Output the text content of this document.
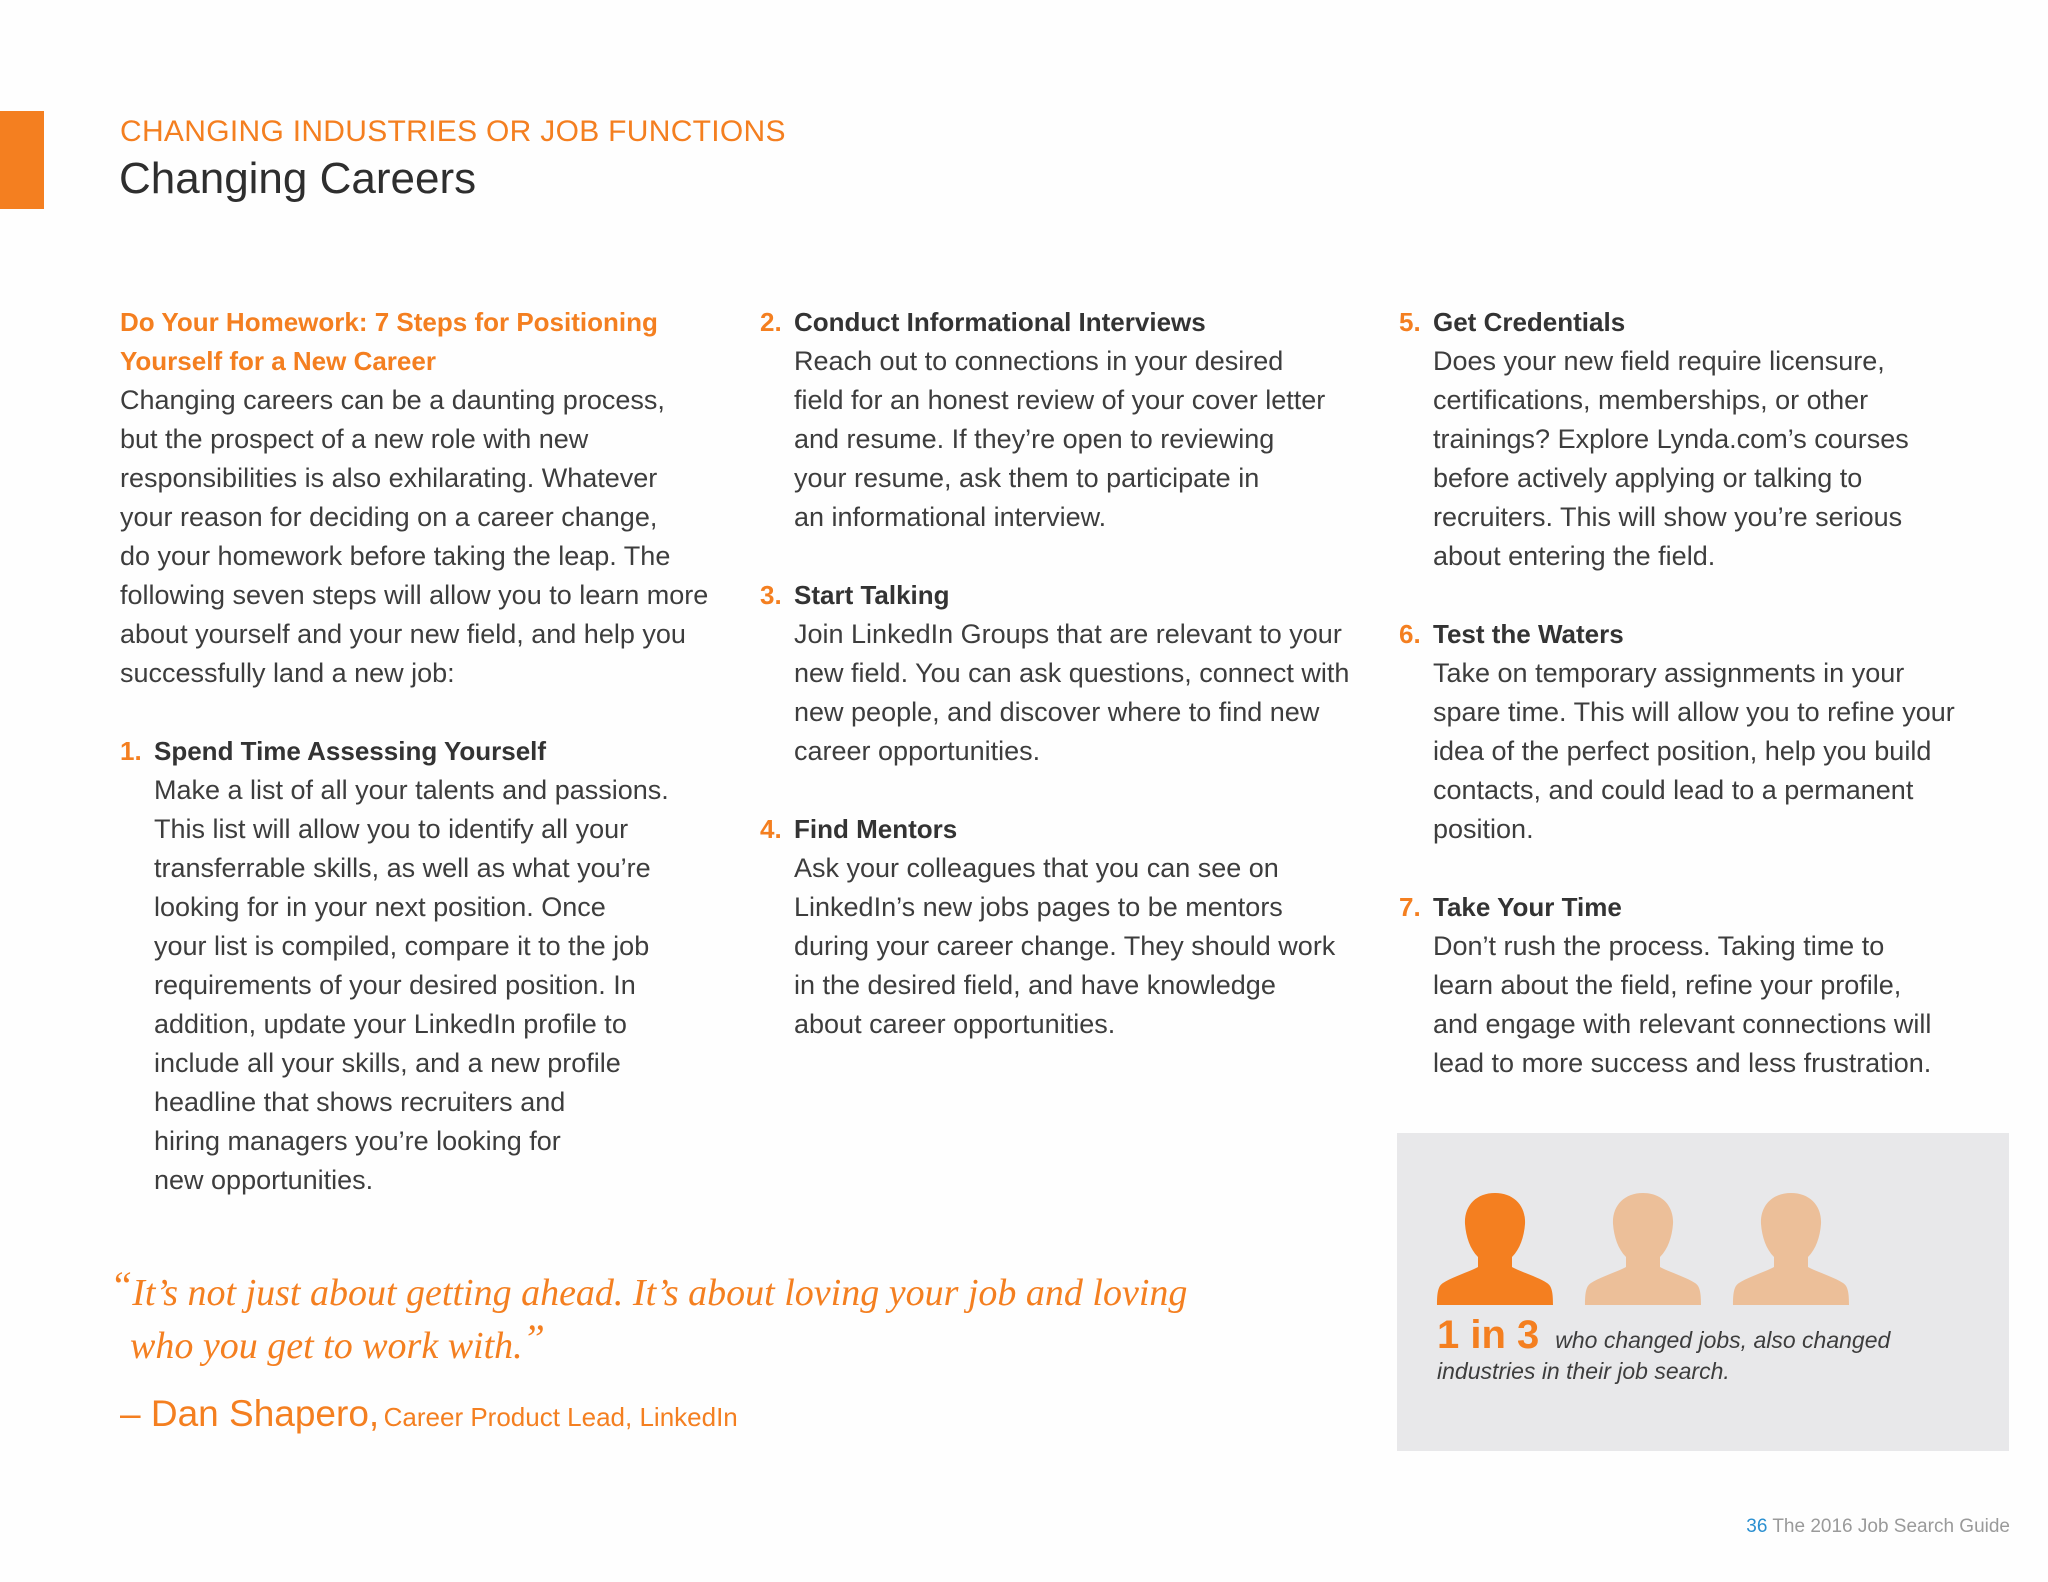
CHANGING INDUSTRIES OR JOB FUNCTIONS
Changing Careers

Do Your Homework: 7 Steps for Positioning
Yourself for a New Career

Changing careers can be a daunting process,
but the prospect of a new role with new
responsibilities is also exhilarating. Whatever
your reason for deciding on a career change,
do your homework before taking the leap. The
following seven steps will allow you to learn more
about yourself and your new field, and help you
successfully land a new job:

1. Spend Time Assessing Yourself
Make a list of all your talents and passions.
This list will allow you to identify all your
transferrable skills, as well as what you’re
looking for in your next position. Once
your list is compiled, compare it to the job
requirements of your desired position. In
addition, update your LinkedIn profile to
include all your skills, and a new profile
headline that shows recruiters and
hiring managers you’re looking for
new opportunities.
2. Conduct Informational Interviews
Reach out to connections in your desired
field for an honest review of your cover letter
and resume. If they’re open to reviewing
your resume, ask them to participate in
an informational interview.
3. Start Talking
Join LinkedIn Groups that are relevant to your
new field. You can ask questions, connect with
new people, and discover where to find new
career opportunities.
4. Find Mentors
Ask your colleagues that you can see on
LinkedIn’s new jobs pages to be mentors
during your career change. They should work
in the desired field, and have knowledge
about career opportunities.
5. Get Credentials
Does your new field require licensure,
certifications, memberships, or other
trainings? Explore Lynda.com’s courses
before actively applying or talking to
recruiters. This will show you’re serious
about entering the field.
6. Test the Waters
Take on temporary assignments in your
spare time. This will allow you to refine your
idea of the perfect position, help you build
contacts, and could lead to a permanent
position.
7. Take Your Time
Don’t rush the process. Taking time to
learn about the field, refine your profile,
and engage with relevant connections will
lead to more success and less frustration.
“It’s not just about getting ahead. It’s about loving your job and loving
who you get to work with.”
– Dan Shapero, Career Product Lead, LinkedIn
1 in 3 who changed jobs, also changed
industries in their job search.
36 The 2016 Job Search Guide
